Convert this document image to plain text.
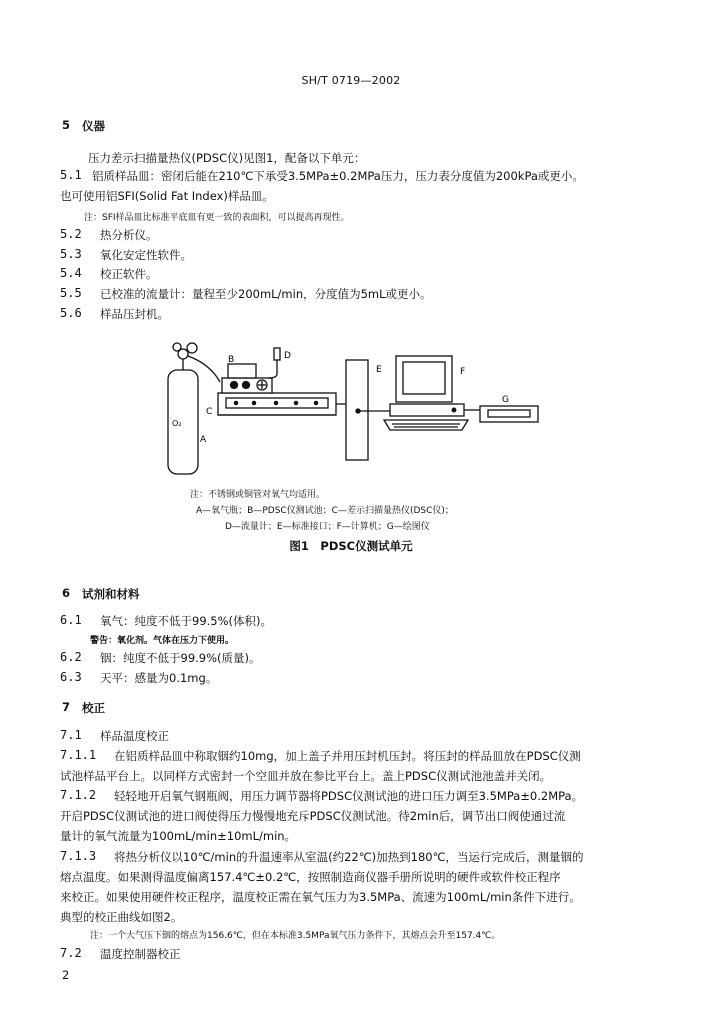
SH/T 0719—2002
5 仪器
压力差示扫描量热仪(PDSC仪)见图1，配备以下单元：
5.1 铝质样品皿：密闭后能在210℃下承受3.5MPa±0.2MPa压力，压力表分度值为200kPa或更小。
也可使用铝SFI(Solid Fat Index)样品皿。
注：SFI样品皿比标准平底皿有更一致的表面积，可以提高再现性。
5.2 热分析仪。
5.3 氧化安定性软件。
5.4 校正软件。
5.5 已校准的流量计：量程至少200mL/min，分度值为5mL或更小。
5.6 样品压封机。
O₂
A
C
B	D
E	F
G
注：不锈钢或铜管对氧气均适用。
A—氧气瓶；B—PDSC仪测试池；C—差示扫描量热仪(DSC仪)；
D—流量计；E—标准接口；F—计算机；G—绘图仪
图1　PDSC仪测试单元
6 试剂和材料
6.1 氧气：纯度不低于99.5%(体积)。
警告：氧化剂。气体在压力下使用。
6.2 铟：纯度不低于99.9%(质量)。
6.3 天平：感量为0.1mg。
7 校正
7.1 样品温度校正
7.1.1 在铝质样品皿中称取铟约10mg，加上盖子并用压封机压封。将压封的样品皿放在PDSC仪测
试池样品平台上。以同样方式密封一个空皿并放在参比平台上。盖上PDSC仪测试池池盖并关闭。
7.1.2 轻轻地开启氧气钢瓶阀，用压力调节器将PDSC仪测试池的进口压力调至3.5MPa±0.2MPa。
开启PDSC仪测试池的进口阀使得压力慢慢地充斥PDSC仪测试池。待2min后，调节出口阀使通过流
量计的氧气流量为100mL/min±10mL/min。
7.1.3 将热分析仪以10℃/min的升温速率从室温(约22℃)加热到180℃，当运行完成后，测量铟的
熔点温度。如果测得温度偏离157.4℃±0.2℃，按照制造商仪器手册所说明的硬件或软件校正程序
来校正。如果使用硬件校正程序，温度校正需在氧气压力为3.5MPa、流速为100mL/min条件下进行。
典型的校正曲线如图2。
注：一个大气压下铟的熔点为156.6℃，但在本标准3.5MPa氧气压力条件下，其熔点会升至157.4℃。
7.2 温度控制器校正
2
